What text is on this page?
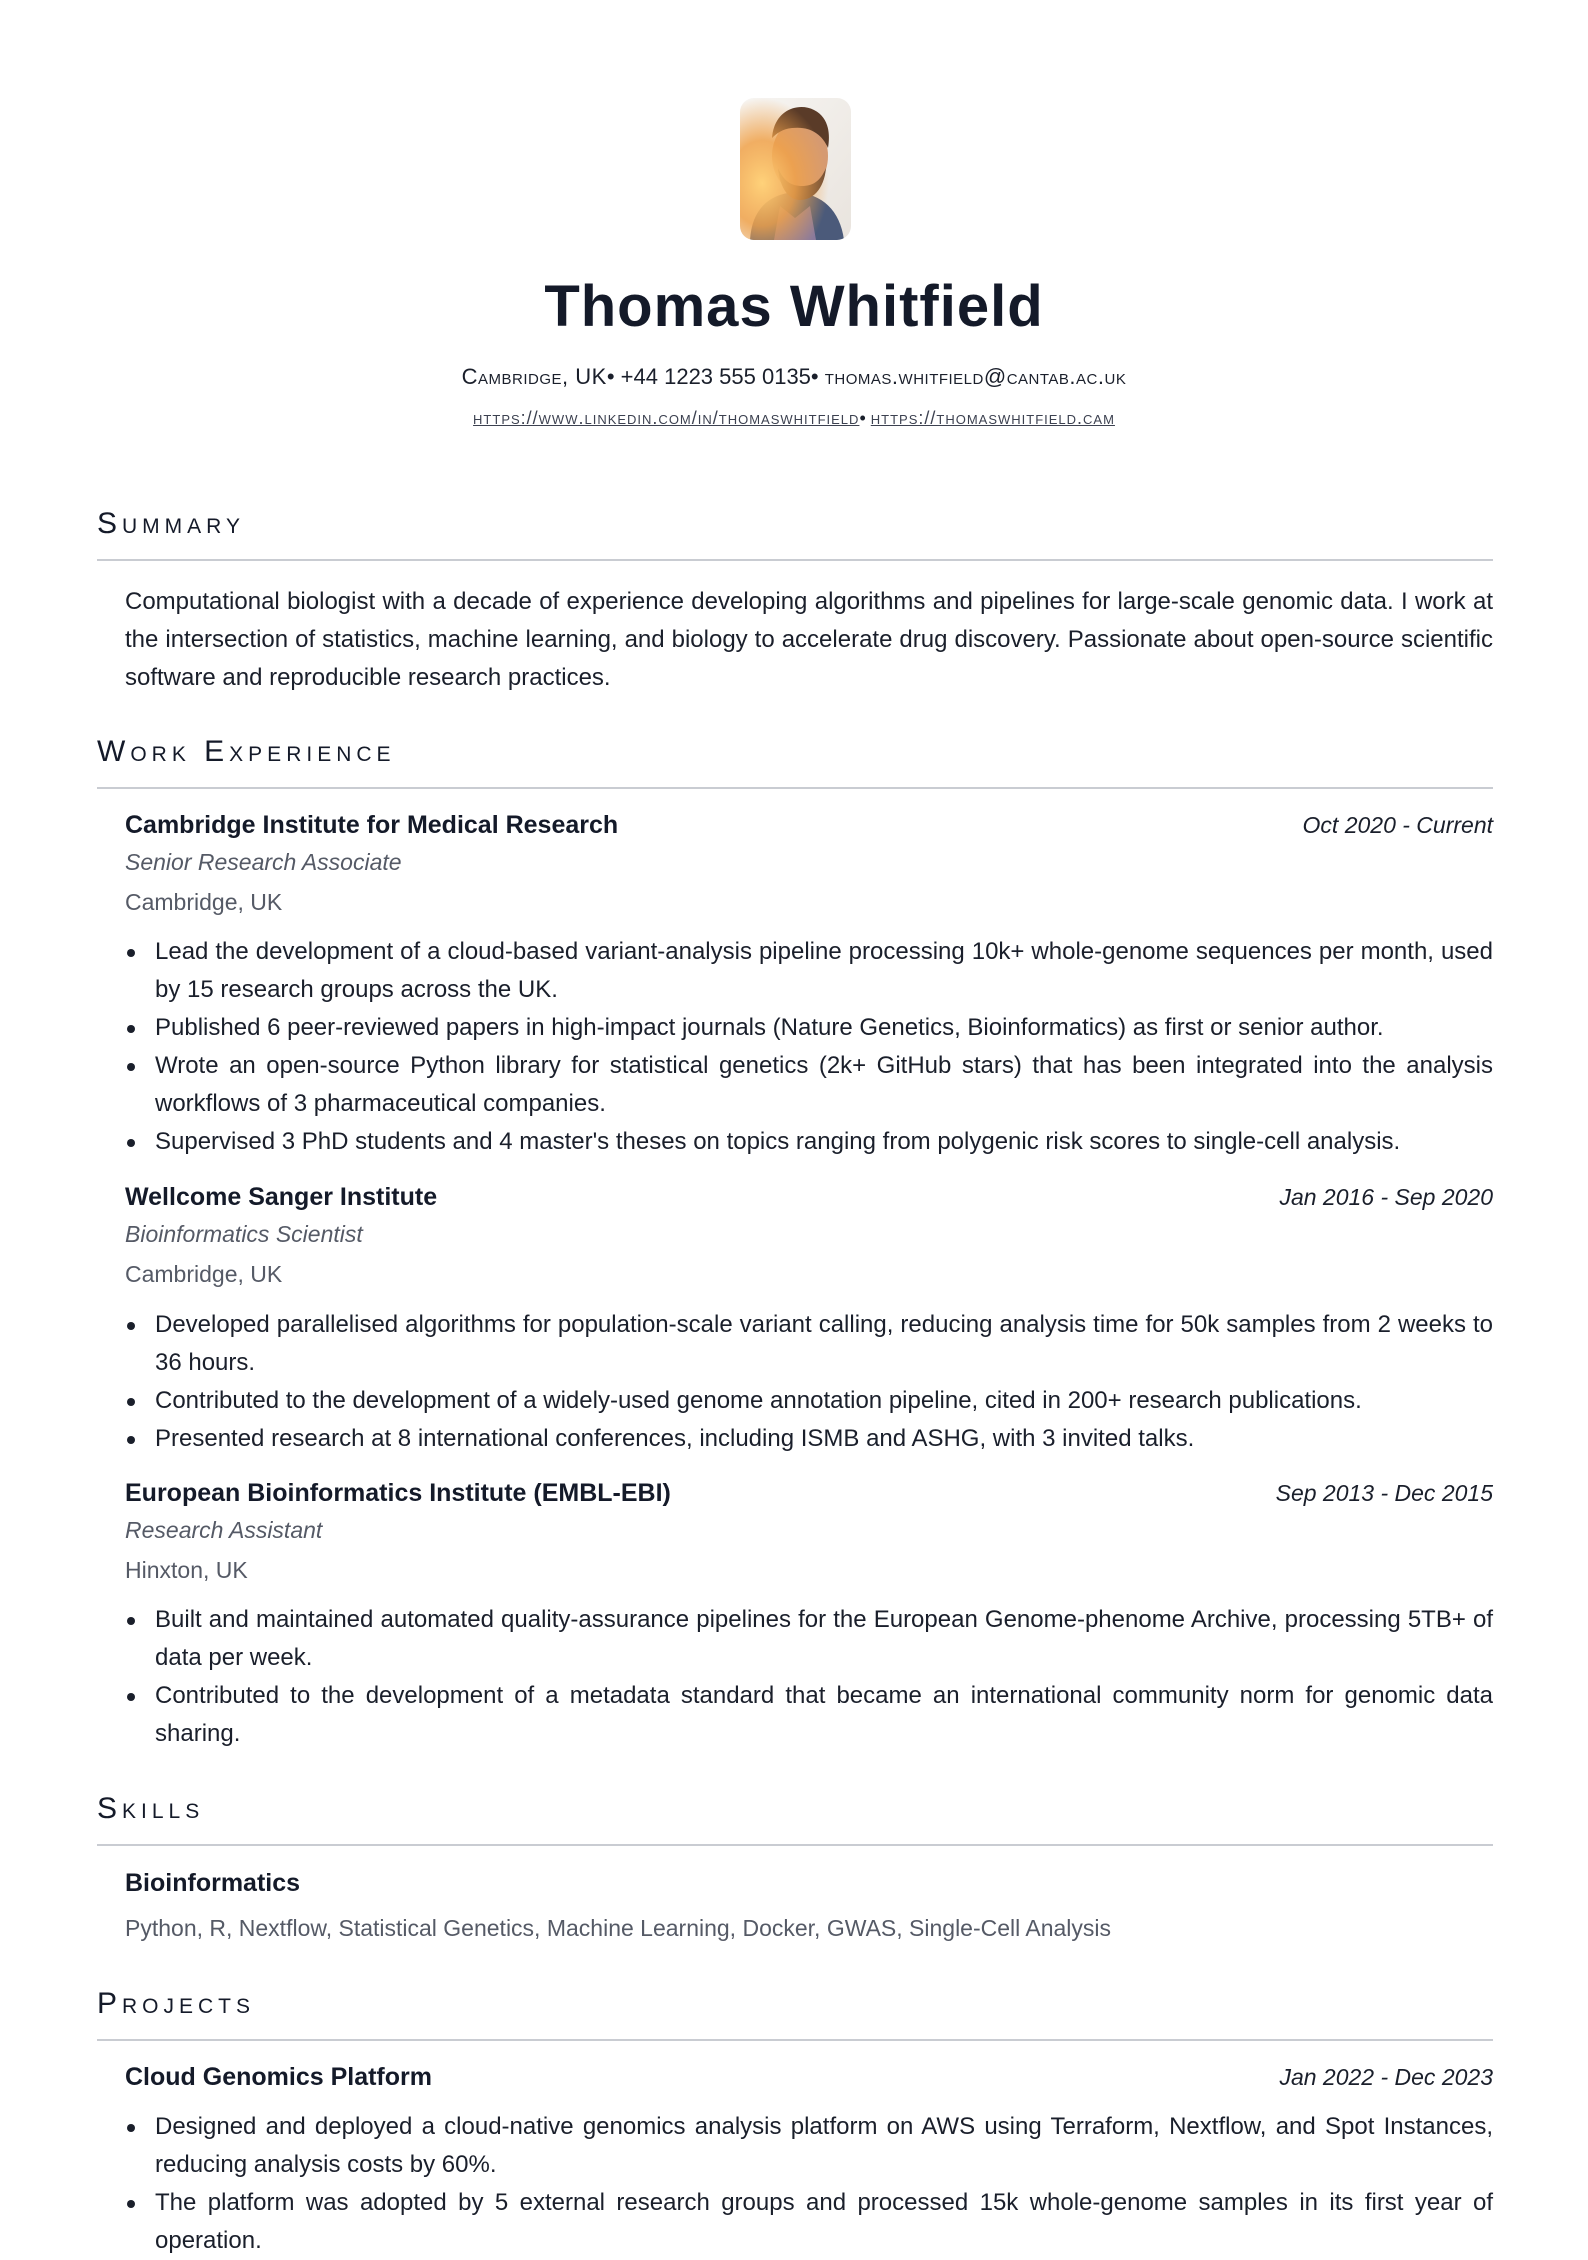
Thomas Whitfield
Cambridge, UK• +44 1223 555 0135• thomas.whitfield@cantab.ac.uk
https://www.linkedin.com/in/thomaswhitfield• https://thomaswhitfield.cam
Summary
Computational biologist with a decade of experience developing algorithms and pipelines for large-scale genomic data. I work at the intersection of statistics, machine learning, and biology to accelerate drug discovery. Passionate about open-source scientific software and reproducible research practices.
Work Experience
Cambridge Institute for Medical Research	Oct 2020 - Current
Senior Research Associate
Cambridge, UK
Lead the development of a cloud-based variant-analysis pipeline processing 10k+ whole-genome sequences per month, used by 15 research groups across the UK.
Published 6 peer-reviewed papers in high-impact journals (Nature Genetics, Bioinformatics) as first or senior author.
Wrote an open-source Python library for statistical genetics (2k+ GitHub stars) that has been integrated into the analysis workflows of 3 pharmaceutical companies.
Supervised 3 PhD students and 4 master's theses on topics ranging from polygenic risk scores to single-cell analysis.
Wellcome Sanger Institute	Jan 2016 - Sep 2020
Bioinformatics Scientist
Cambridge, UK
Developed parallelised algorithms for population-scale variant calling, reducing analysis time for 50k samples from 2 weeks to 36 hours.
Contributed to the development of a widely-used genome annotation pipeline, cited in 200+ research publications.
Presented research at 8 international conferences, including ISMB and ASHG, with 3 invited talks.
European Bioinformatics Institute (EMBL-EBI)	Sep 2013 - Dec 2015
Research Assistant
Hinxton, UK
Built and maintained automated quality-assurance pipelines for the European Genome-phenome Archive, processing 5TB+ of data per week.
Contributed to the development of a metadata standard that became an international community norm for genomic data sharing.
Skills
Bioinformatics
Python, R, Nextflow, Statistical Genetics, Machine Learning, Docker, GWAS, Single-Cell Analysis
Projects
Cloud Genomics Platform	Jan 2022 - Dec 2023
Designed and deployed a cloud-native genomics analysis platform on AWS using Terraform, Nextflow, and Spot Instances, reducing analysis costs by 60%.
The platform was adopted by 5 external research groups and processed 15k whole-genome samples in its first year of operation.
